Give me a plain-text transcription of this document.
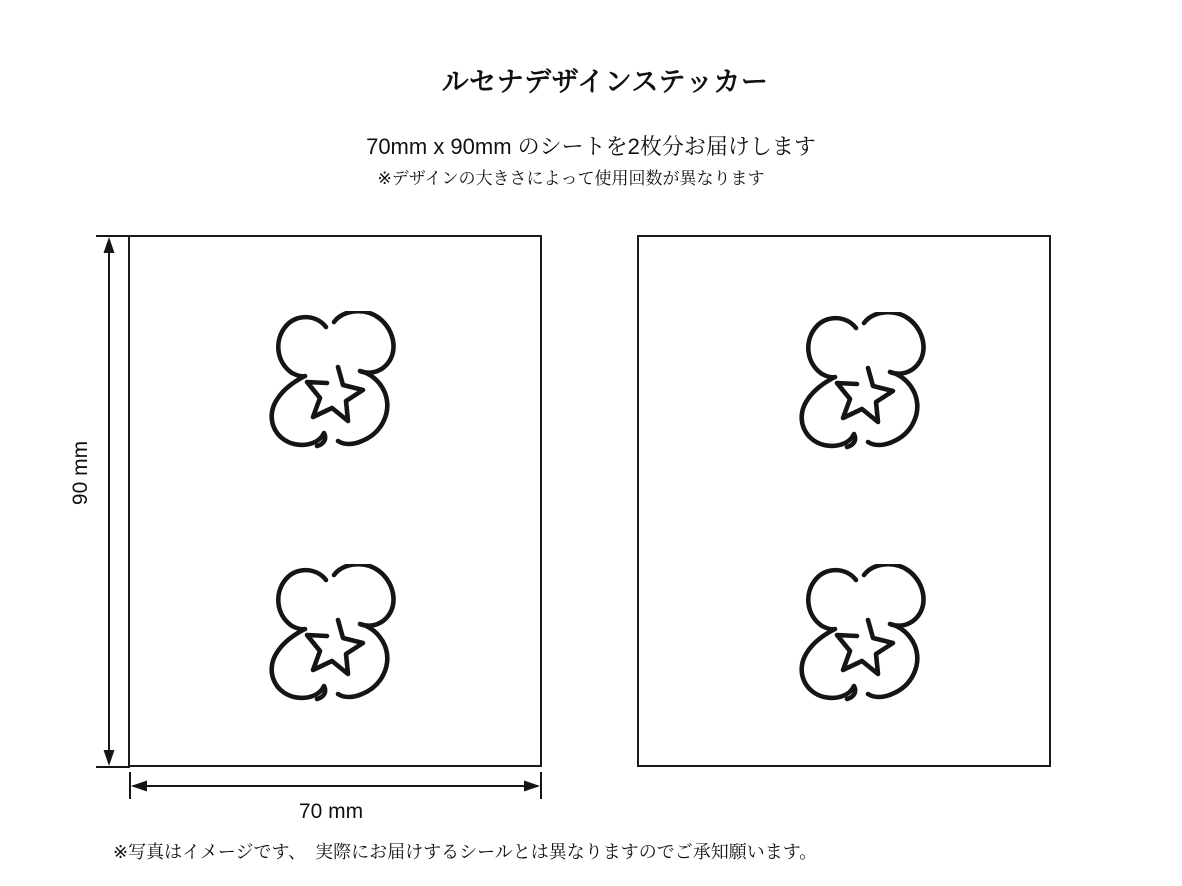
ルセナデザインステッカー
70mm x 90mm のシートを2枚分お届けします
※デザインの大きさによって使用回数が異なります
90 mm
70 mm
※写真はイメージです、　実際にお届けするシールとは異なりますのでご承知願います。
